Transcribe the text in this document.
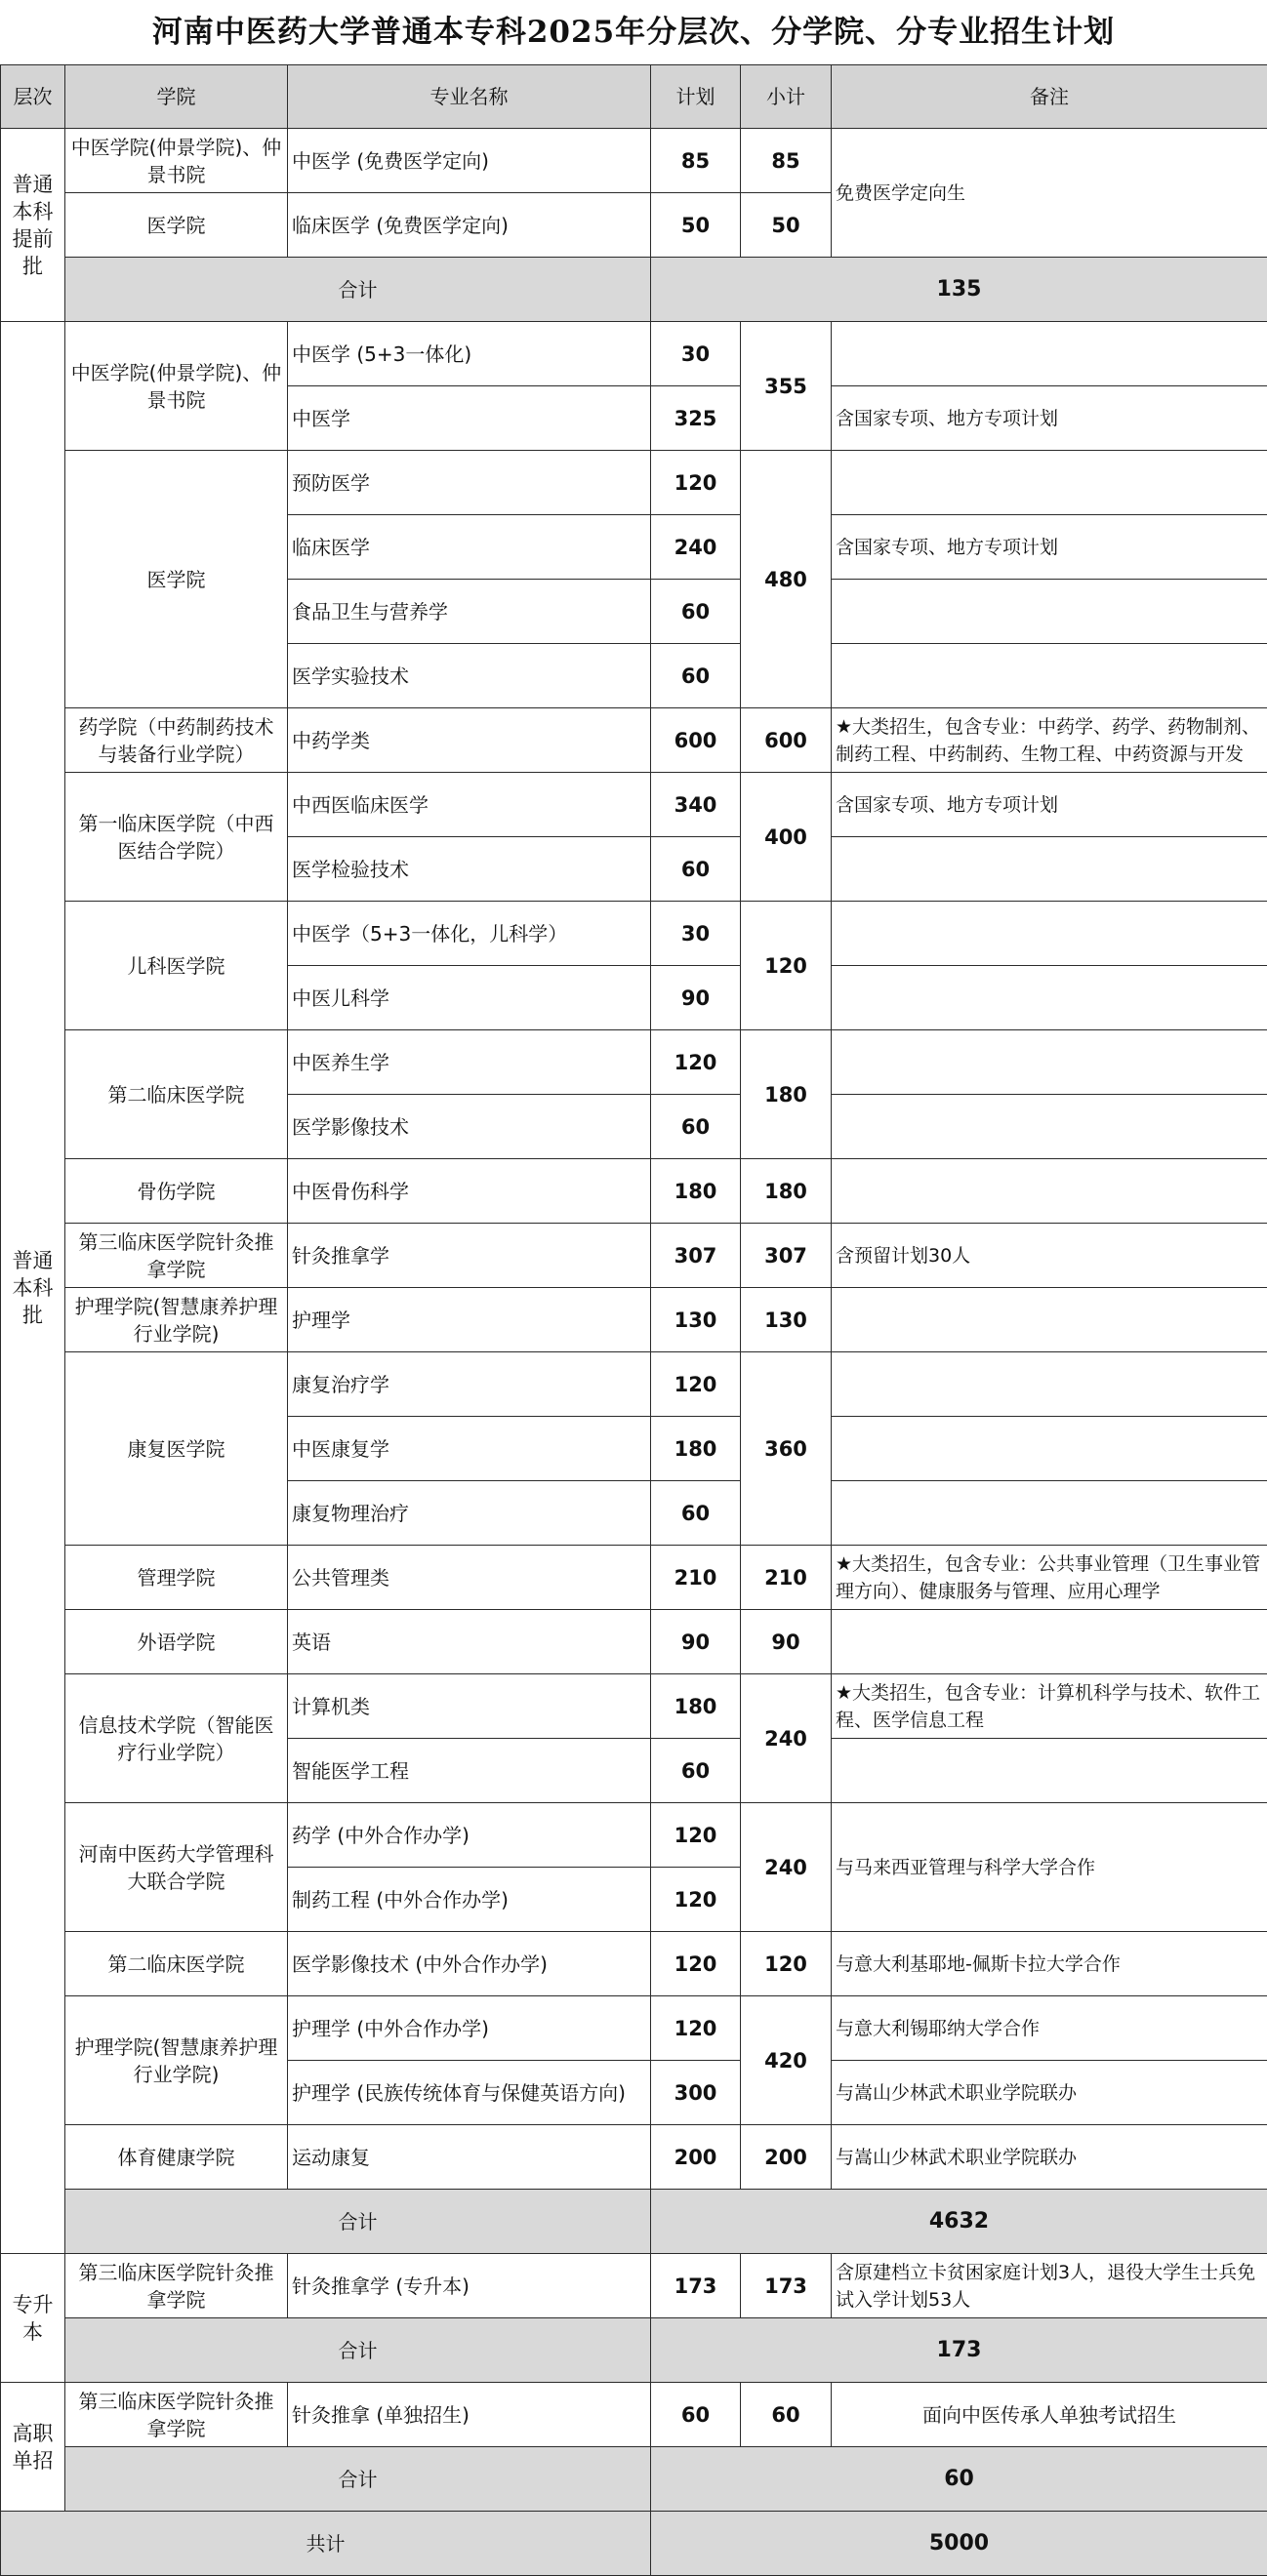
河南中医药大学普通本专科2025年分层次、分学院、分专业招生计划
层次	学院	专业名称	计划	小计	备注
普通本科提前批	中医学院(仲景学院)、仲景书院	中医学 (免费医学定向)	85	85	免费医学定向生
	医学院	临床医学 (免费医学定向)	50	50	
	合计		135		
普通本科批	中医学院(仲景学院)、仲景书院	中医学 (5+3一体化)	30	355	
		中医学	325		含国家专项、地方专项计划
	医学院	预防医学	120	480	
		临床医学	240		含国家专项、地方专项计划
		食品卫生与营养学	60		
		医学实验技术	60		
	药学院（中药制药技术与装备行业学院）	中药学类	600	600	★大类招生，包含专业：中药学、药学、药物制剂、制药工程、中药制药、生物工程、中药资源与开发
	第一临床医学院（中西医结合学院）	中西医临床医学	340	400	含国家专项、地方专项计划
		医学检验技术	60		
	儿科医学院	中医学（5+3一体化，儿科学）	30	120	
		中医儿科学	90		
	第二临床医学院	中医养生学	120	180	
		医学影像技术	60		
	骨伤学院	中医骨伤科学	180	180	
	第三临床医学院针灸推拿学院	针灸推拿学	307	307	含预留计划30人
	护理学院(智慧康养护理行业学院)	护理学	130	130	
	康复医学院	康复治疗学	120	360	
		中医康复学	180		
		康复物理治疗	60		
	管理学院	公共管理类	210	210	★大类招生，包含专业：公共事业管理（卫生事业管理方向）、健康服务与管理、应用心理学
	外语学院	英语	90	90	
	信息技术学院（智能医疗行业学院）	计算机类	180	240	★大类招生，包含专业：计算机科学与技术、软件工程、医学信息工程
		智能医学工程	60		
	河南中医药大学管理科大联合学院	药学 (中外合作办学)	120	240	与马来西亚管理与科学大学合作
		制药工程 (中外合作办学)	120		
	第二临床医学院	医学影像技术 (中外合作办学)	120	120	与意大利基耶地-佩斯卡拉大学合作
	护理学院(智慧康养护理行业学院)	护理学 (中外合作办学)	120	420	与意大利锡耶纳大学合作
		护理学 (民族传统体育与保健英语方向)	300		与嵩山少林武术职业学院联办
	体育健康学院	运动康复	200	200	与嵩山少林武术职业学院联办
	合计		4632		
专升本	第三临床医学院针灸推拿学院	针灸推拿学 (专升本)	173	173	含原建档立卡贫困家庭计划3人，退役大学生士兵免试入学计划53人
	合计		173		
高职单招	第三临床医学院针灸推拿学院	针灸推拿 (单独招生)	60	60	面向中医传承人单独考试招生
	合计		60		
共计			5000		
